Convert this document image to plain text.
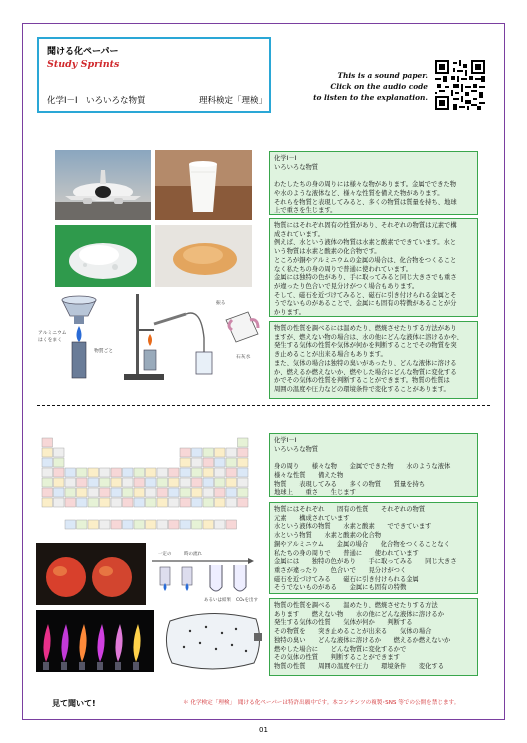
聞ける化ペーパー
Study Sprints
化学Ⅰ－Ⅰ　いろいろな物質	理科検定「理検」
This is a sound paper.
Click on the audio code
to listen to the explanation.
アルミニウム
はくをまく
物質ごと
振る
石灰水
化学Ⅰ－Ⅰ
いろいろな物質

わたしたちの身の周りには様々な物があります。金属でできた物
や水のような液体など、様々な性質を備えた物があります。
それらを物質と表現してみると、多くの物質は質量を持ち、地球
上で重さを生じます。
物質にはそれぞれ固有の性質があり、それぞれの物質は元素で構
成されています。
例えば、水という液体の物質は水素と酸素でできています。水と
いう物質は水素と酸素の化合物です。
ところが銅やアルミニウムの金属の場合は、化合物をつくること
なく私たちの身の周りで普通に使われています。
金属には独特の色があり、手に取ってみると同じ大きさでも重さ
が違ったり色合いで見分けがつく場合もあります。
そして、磁石を近づけてみると、磁石に引き付けられる金属とそ
うでないものがあることで、金属にも固有の特徴があることが分
かります。
物質の性質を調べるには温めたり、燃焼させたりする方法があり
ますが、燃えない物の場合は、水の他にどんな液体に溶けるかや、
発生する気体の性質や気体が何かを判断することでその物質を突
き止めることが出来る場合もあります。
また、気体の場合は独特の臭いがあったり、どんな液体に溶ける
か、燃えるか燃えないか、燃やした場合にどんな物質に変化する
かでその気体の性質を判断することができます。物質の性質は
周囲の温度や圧力などの環境条件で変化することがあります。
一定の	時の流れ
あるいは結果 CO₂を出す
化学Ⅰ－Ⅰ
いろいろな物質

身の周り　　様々な物　　金属でできた物　　水のような液体
様々な性質　　備えた物
物質　　表現してみる　　多くの物質　　質量を持ち
地球上　　重さ　　生じます
物質にはそれぞれ　　固有の性質　　それぞれの物質
元素　　構成されています
水という液体の物質　　水素と酸素　　でできています
水という物質　　水素と酸素の化合物
銅やアルミニウム　　金属の場合　　化合物をつくることなく
私たちの身の周りで　　普通に　　使われています
金属には　　独特の色があり　　手に取ってみる　　同じ大きさ
重さが違ったり　　色合いで　　見分けがつく
磁石を近づけてみる　　磁石に引き付けられる金属
そうでないものがある　　金属にも固有の特徴
物質の性質を調べる　　温めたり、燃焼させたりする方法
あります　　燃えない物　　水の他にどんな液体に溶けるか
発生する気体の性質　　気体が何か　　判断する
その物質を　　突き止めることが出来る　　気体の場合
独特の臭い　　どんな液体に溶けるか　　燃えるか燃えないか
燃やした場合に　　どんな物質に変化するかで
その気体の性質　　判断することができます
物質の性質　　周囲の温度や圧力　　環境条件　　変化する
見て聞いて!	＊ 化学検定「理検」　聞ける化ペーパーは特許出願中です。本コンテンツの複製･SNS 等での公開を禁じます。
01
